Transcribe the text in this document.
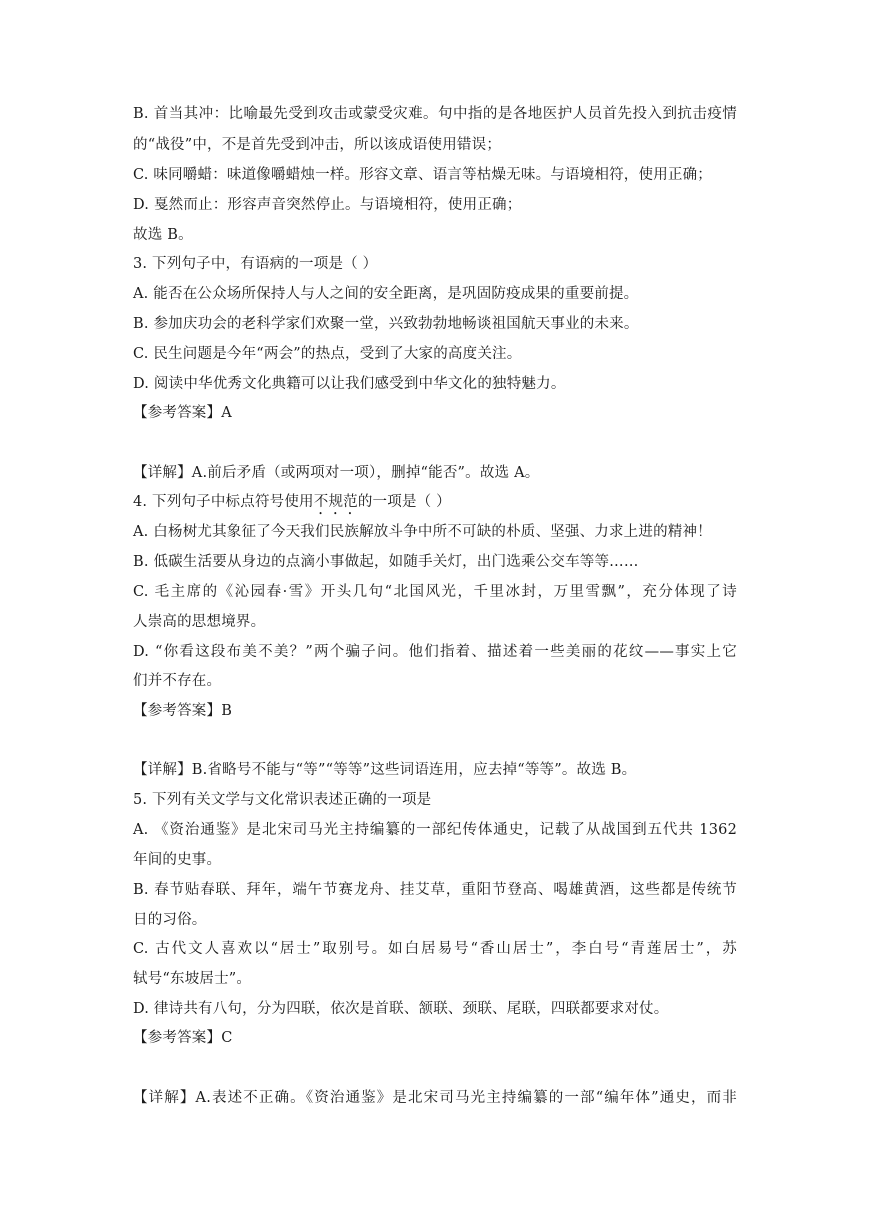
B. 首当其冲：比喻最先受到攻击或蒙受灾难。句中指的是各地医护人员首先投入到抗击疫情
的“战役”中，不是首先受到冲击，所以该成语使用错误；
C. 味同嚼蜡：味道像嚼蜡烛一样。形容文章、语言等枯燥无味。与语境相符，使用正确；
D. 戛然而止：形容声音突然停止。与语境相符，使用正确；
故选 B。
3. 下列句子中，有语病的一项是（ ）
A. 能否在公众场所保持人与人之间的安全距离，是巩固防疫成果的重要前提。
B. 参加庆功会的老科学家们欢聚一堂，兴致勃勃地畅谈祖国航天事业的未来。
C. 民生问题是今年“两会”的热点，受到了大家的高度关注。
D. 阅读中华优秀文化典籍可以让我们感受到中华文化的独特魅力。
【参考答案】A
【详解】A.前后矛盾（或两项对一项），删掉“能否”。故选 A。
4. 下列句子中标点符号使用不规范的一项是（ ）
A. 白杨树尤其象征了今天我们民族解放斗争中所不可缺的朴质、坚强、力求上进的精神！
B. 低碳生活要从身边的点滴小事做起，如随手关灯，出门选乘公交车等等……
C. 毛主席的《沁园春·雪》开头几句“北国风光，千里冰封，万里雪飘”，充分体现了诗
人崇高的思想境界。
D. “你看这段布美不美？”两个骗子问。他们指着、描述着一些美丽的花纹——事实上它
们并不存在。
【参考答案】B
【详解】B.省略号不能与“等”“等等”这些词语连用，应去掉“等等”。故选 B。
5. 下列有关文学与文化常识表述正确的一项是
A. 《资治通鉴》是北宋司马光主持编纂的一部纪传体通史，记载了从战国到五代共 1362
年间的史事。
B. 春节贴春联、拜年，端午节赛龙舟、挂艾草，重阳节登高、喝雄黄酒，这些都是传统节
日的习俗。
C. 古代文人喜欢以“居士”取别号。如白居易号“香山居士”，李白号“青莲居士”，苏
轼号“东坡居士”。
D. 律诗共有八句，分为四联，依次是首联、颔联、颈联、尾联，四联都要求对仗。
【参考答案】C
【详解】A.表述不正确。《资治通鉴》是北宋司马光主持编纂的一部“编年体”通史，而非
